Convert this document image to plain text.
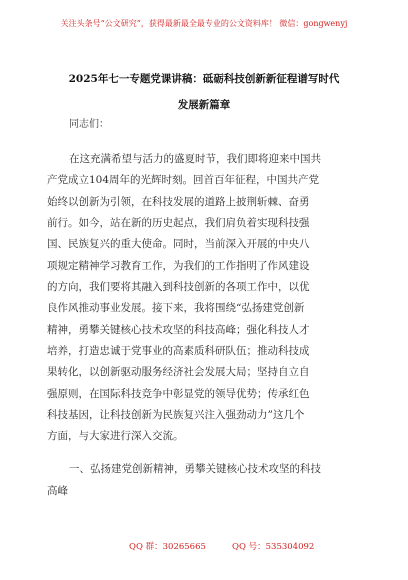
关注头条号“公文研究”，获得最新最全最专业的公文资料库！ 微信：gongwenyj
2025年七一专题党课讲稿：砥砺科技创新新征程谱写时代
发展新篇章
同志们：
在这充满希望与活力的盛夏时节，我们即将迎来中国共
产党成立104周年的光辉时刻。回首百年征程，中国共产党
始终以创新为引领，在科技发展的道路上披荆斩棘、奋勇
前行。如今，站在新的历史起点，我们肩负着实现科技强
国、民族复兴的重大使命。同时，当前深入开展的中央八
项规定精神学习教育工作，为我们的工作指明了作风建设
的方向，我们要将其融入到科技创新的各项工作中，以优
良作风推动事业发展。接下来，我将围绕“弘扬建党创新
精神，勇攀关键核心技术攻坚的科技高峰；强化科技人才
培养，打造忠诚于党事业的高素质科研队伍；推动科技成
果转化，以创新驱动服务经济社会发展大局；坚持自立自
强原则，在国际科技竞争中彰显党的领导优势；传承红色
科技基因，让科技创新为民族复兴注入强劲动力”这几个
方面，与大家进行深入交流。
一、弘扬建党创新精神，勇攀关键核心技术攻坚的科技
高峰
QQ 群：30265665	QQ 号：535304092
